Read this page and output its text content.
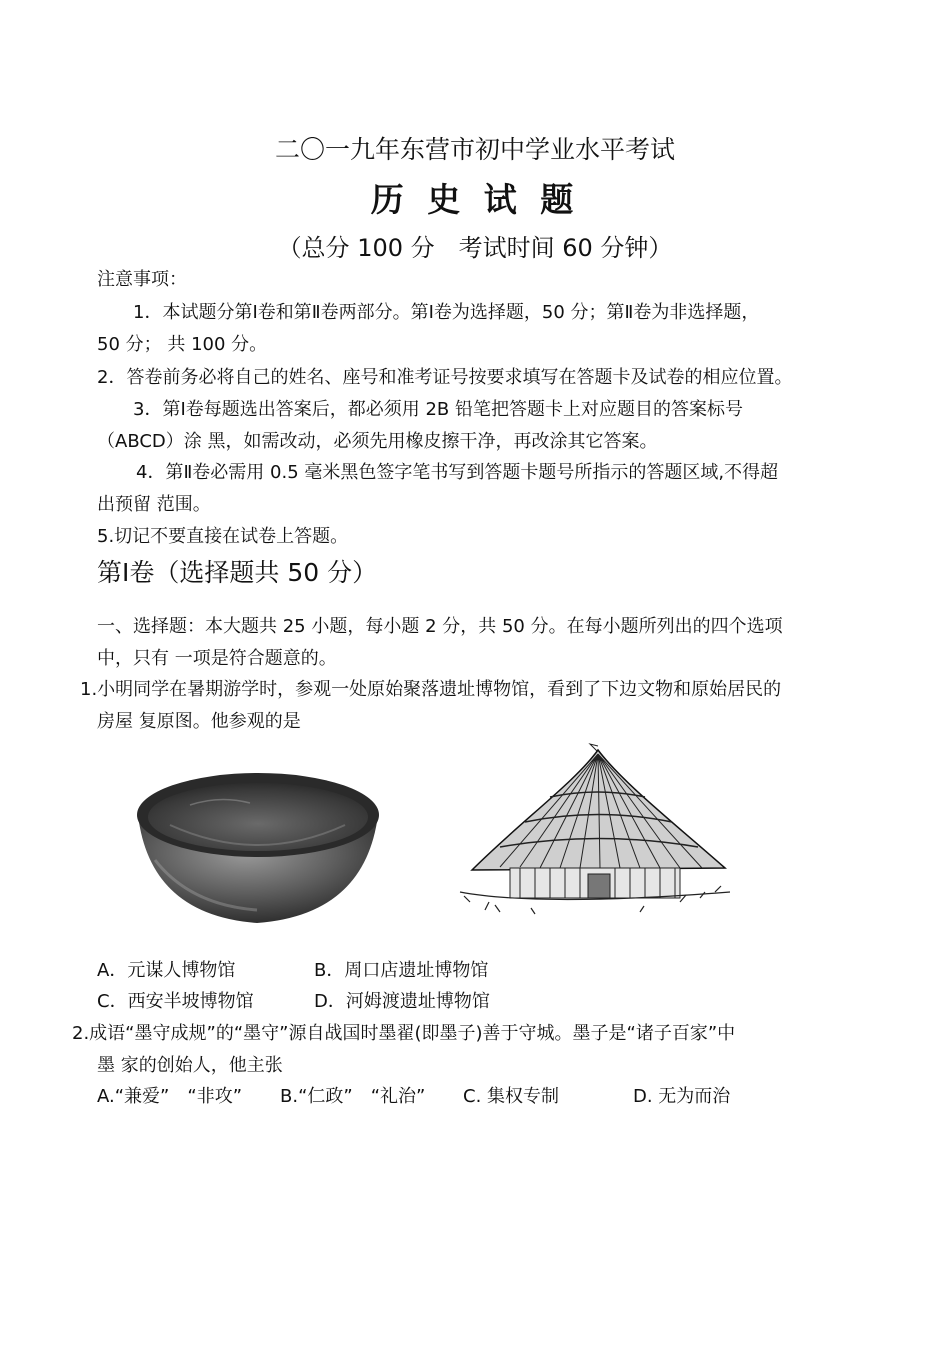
二〇一九年东营市初中学业水平考试
历 史 试 题
（总分 100 分　考试时间 60 分钟）
注意事项：
1．本试题分第Ⅰ卷和第Ⅱ卷两部分。第Ⅰ卷为选择题，50 分；第Ⅱ卷为非选择题，
50 分； 共 100 分。
2．答卷前务必将自己的姓名、座号和准考证号按要求填写在答题卡及试卷的相应位置。
3．第Ⅰ卷每题选出答案后，都必须用 2B 铅笔把答题卡上对应题目的答案标号
（ABCD）涂 黑，如需改动，必须先用橡皮擦干净，再改涂其它答案。
4．第Ⅱ卷必需用 0.5 毫米黑色签字笔书写到答题卡题号所指示的答题区域,不得超
出预留 范围。
5.切记不要直接在试卷上答题。
第Ⅰ卷（选择题共 50 分）
一、选择题：本大题共 25 小题，每小题 2 分，共 50 分。在每小题所列出的四个选项
中，只有 一项是符合题意的。
1.小明同学在暑期游学时，参观一处原始聚落遗址博物馆，看到了下边文物和原始居民的
房屋 复原图。他参观的是
A．元谋人博物馆	B．周口店遗址博物馆
C．西安半坡博物馆	D．河姆渡遗址博物馆
2.成语“墨守成规”的“墨守”源自战国时墨翟(即墨子)善于守城。墨子是“诸子百家”中
墨 家的创始人，他主张
A.“兼爱”　“非攻” B.“仁政”　“礼治” C. 集权专制	D. 无为而治
